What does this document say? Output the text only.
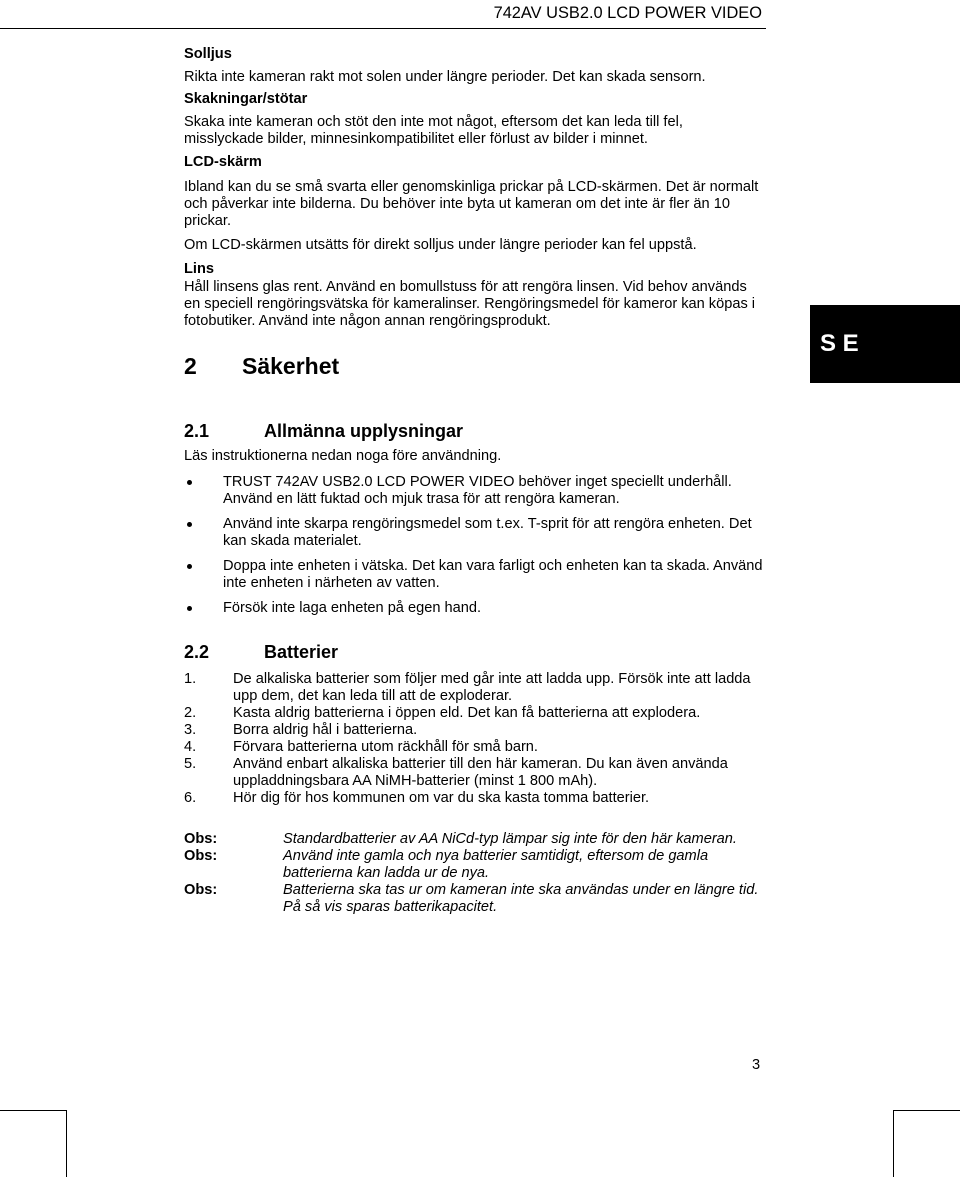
742AV USB2.0 LCD POWER VIDEO
Solljus

Rikta inte kameran rakt mot solen under längre perioder. Det kan skada sensorn.

Skakningar/stötar

Skaka inte kameran och stöt den inte mot något, eftersom det kan leda till fel, misslyckade bilder, minnesinkompatibilitet eller förlust av bilder i minnet.

LCD-skärm

Ibland kan du se små svarta eller genomskinliga prickar på LCD-skärmen. Det är normalt och påverkar inte bilderna. Du behöver inte byta ut kameran om det inte är fler än 10 prickar.

Om LCD-skärmen utsätts för direkt solljus under längre perioder kan fel uppstå.

Lins

Håll linsens glas rent. Använd en bomullstuss för att rengöra linsen. Vid behov används en speciell rengöringsvätska för kameralinser. Rengöringsmedel för kameror kan köpas i fotobutiker. Använd inte någon annan rengöringsprodukt.

2 Säkerhet
S E
2.1	Allmänna upplysningar

Läs instruktionerna nedan noga före användning.

TRUST 742AV USB2.0 LCD POWER VIDEO behöver inget speciellt underhåll. Använd en lätt fuktad och mjuk trasa för att rengöra kameran.
Använd inte skarpa rengöringsmedel som t.ex. T-sprit för att rengöra enheten. Det kan skada materialet.
Doppa inte enheten i vätska. Det kan vara farligt och enheten kan ta skada. Använd inte enheten i närheten av vatten.
Försök inte laga enheten på egen hand.
2.2	Batterier
1.	De alkaliska batterier som följer med går inte att ladda upp. Försök inte att ladda upp dem, det kan leda till att de exploderar.
2.	Kasta aldrig batterierna i öppen eld. Det kan få batterierna att explodera.
3.	Borra aldrig hål i batterierna.
4.	Förvara batterierna utom räckhåll för små barn.
5.	Använd enbart alkaliska batterier till den här kameran. Du kan även använda uppladdningsbara AA NiMH-batterier (minst 1 800 mAh).
6.	Hör dig för hos kommunen om var du ska kasta tomma batterier.
Obs:	Standardbatterier av AA NiCd-typ lämpar sig inte för den här kameran.
Obs:	Använd inte gamla och nya batterier samtidigt, eftersom de gamla batterierna kan ladda ur de nya.
Obs:	Batterierna ska tas ur om kameran inte ska användas under en längre tid. På så vis sparas batterikapacitet.
3
